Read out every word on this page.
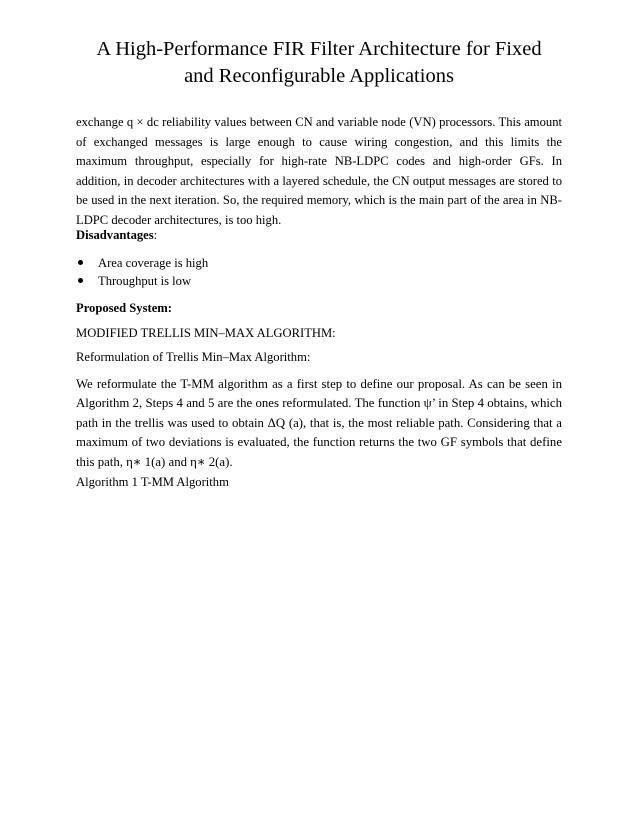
A High-Performance FIR Filter Architecture for Fixed
and Reconfigurable Applications

exchange q × dc reliability values between CN and variable node (VN) processors. This amount of exchanged messages is large enough to cause wiring congestion, and this limits the maximum throughput, especially for high-rate NB-LDPC codes and high-order GFs. In addition, in decoder architectures with a layered schedule, the CN output messages are stored to be used in the next iteration. So, the required memory, which is the main part of the area in NB-LDPC decoder architectures, is too high.

Disadvantages:

Area coverage is high
Throughput is low

Proposed System:

MODIFIED TRELLIS MIN–MAX ALGORITHM:

Reformulation of Trellis Min–Max Algorithm:

We reformulate the T-MM algorithm as a first step to define our proposal. As can be seen in Algorithm 2, Steps 4 and 5 are the ones reformulated. The function ψ’ in Step 4 obtains, which path in the trellis was used to obtain ΔQ (a), that is, the most reliable path. Considering that a maximum of two deviations is evaluated, the function returns the two GF symbols that define this path, η∗ 1(a) and η∗ 2(a).

Algorithm 1 T-MM Algorithm
